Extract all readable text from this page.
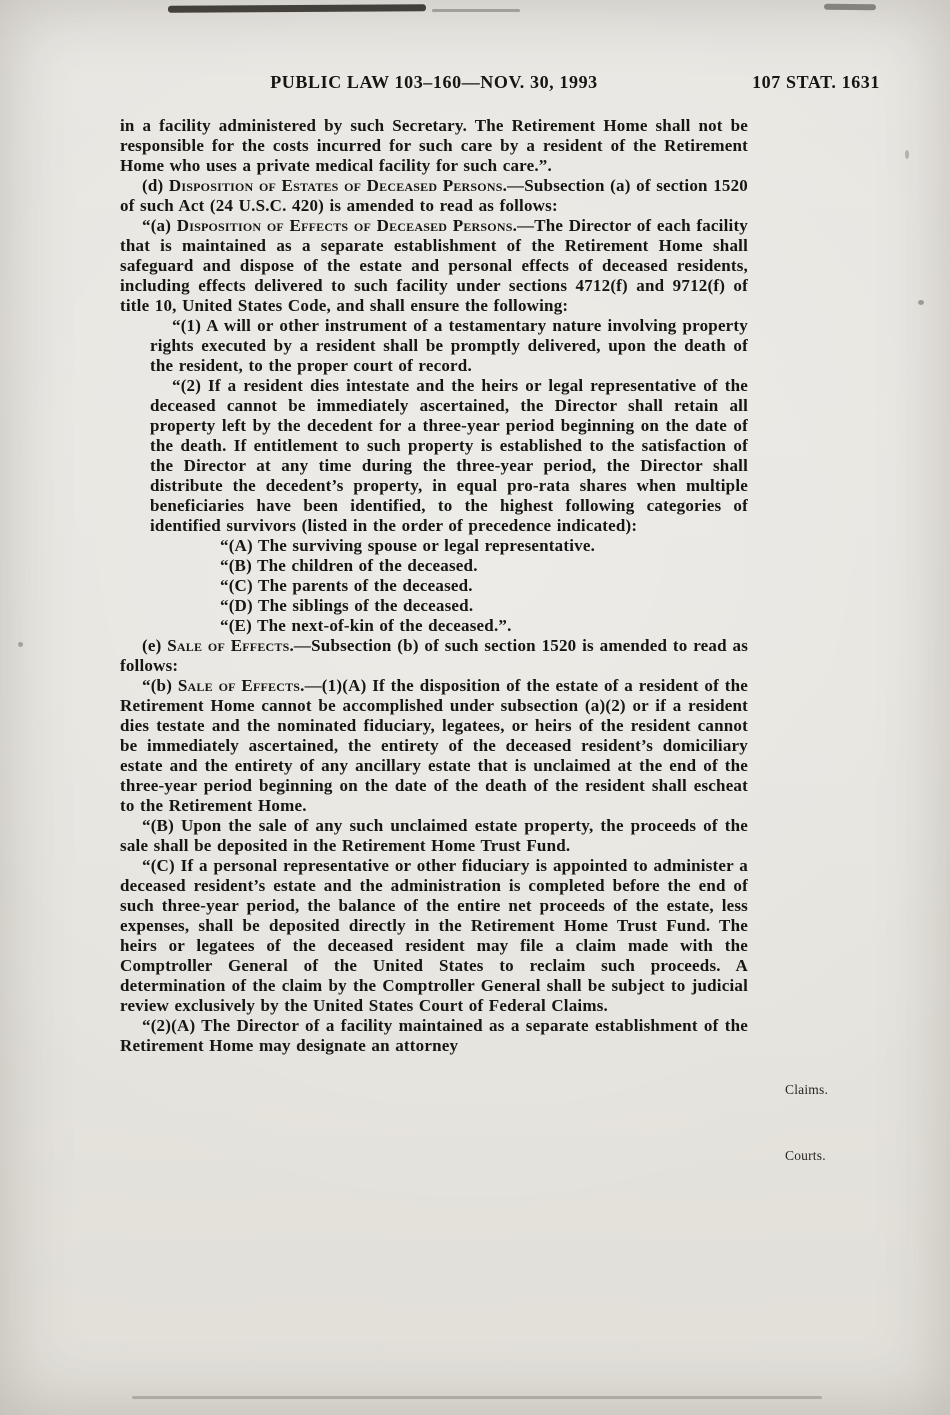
PUBLIC LAW 103–160—NOV. 30, 1993	107 STAT. 1631

in a facility administered by such Secretary. The Retirement Home shall not be responsible for the costs incurred for such care by a resident of the Retirement Home who uses a private medical facility for such care.”.

(d) Disposition of Estates of Deceased Persons.—Subsection (a) of section 1520 of such Act (24 U.S.C. 420) is amended to read as follows:

“(a) Disposition of Effects of Deceased Persons.—The Director of each facility that is maintained as a separate establishment of the Retirement Home shall safeguard and dispose of the estate and personal effects of deceased residents, including effects delivered to such facility under sections 4712(f) and 9712(f) of title 10, United States Code, and shall ensure the following:

“(1) A will or other instrument of a testamentary nature involving property rights executed by a resident shall be promptly delivered, upon the death of the resident, to the proper court of record.

“(2) If a resident dies intestate and the heirs or legal representative of the deceased cannot be immediately ascertained, the Director shall retain all property left by the decedent for a three-year period beginning on the date of the death. If entitlement to such property is established to the satisfaction of the Director at any time during the three-year period, the Director shall distribute the decedent’s property, in equal pro-rata shares when multiple beneficiaries have been identified, to the highest following categories of identified survivors (listed in the order of precedence indicated):

“(A) The surviving spouse or legal representative.

“(B) The children of the deceased.

“(C) The parents of the deceased.

“(D) The siblings of the deceased.

“(E) The next-of-kin of the deceased.”.

(e) Sale of Effects.—Subsection (b) of such section 1520 is amended to read as follows:

“(b) Sale of Effects.—(1)(A) If the disposition of the estate of a resident of the Retirement Home cannot be accomplished under subsection (a)(2) or if a resident dies testate and the nominated fiduciary, legatees, or heirs of the resident cannot be immediately ascertained, the entirety of the deceased resident’s domiciliary estate and the entirety of any ancillary estate that is unclaimed at the end of the three-year period beginning on the date of the death of the resident shall escheat to the Retirement Home.

“(B) Upon the sale of any such unclaimed estate property, the proceeds of the sale shall be deposited in the Retirement Home Trust Fund.

“(C) If a personal representative or other fiduciary is appointed to administer a deceased resident’s estate and the administration is completed before the end of such three-year period, the balance of the entire net proceeds of the estate, less expenses, shall be deposited directly in the Retirement Home Trust Fund. The heirs or legatees of the deceased resident may file a claim made with the Comptroller General of the United States to reclaim such proceeds. A determination of the claim by the Comptroller General shall be subject to judicial review exclusively by the United States Court of Federal Claims.

“(2)(A) The Director of a facility maintained as a separate establishment of the Retirement Home may designate an attorney

Claims.
Courts.
